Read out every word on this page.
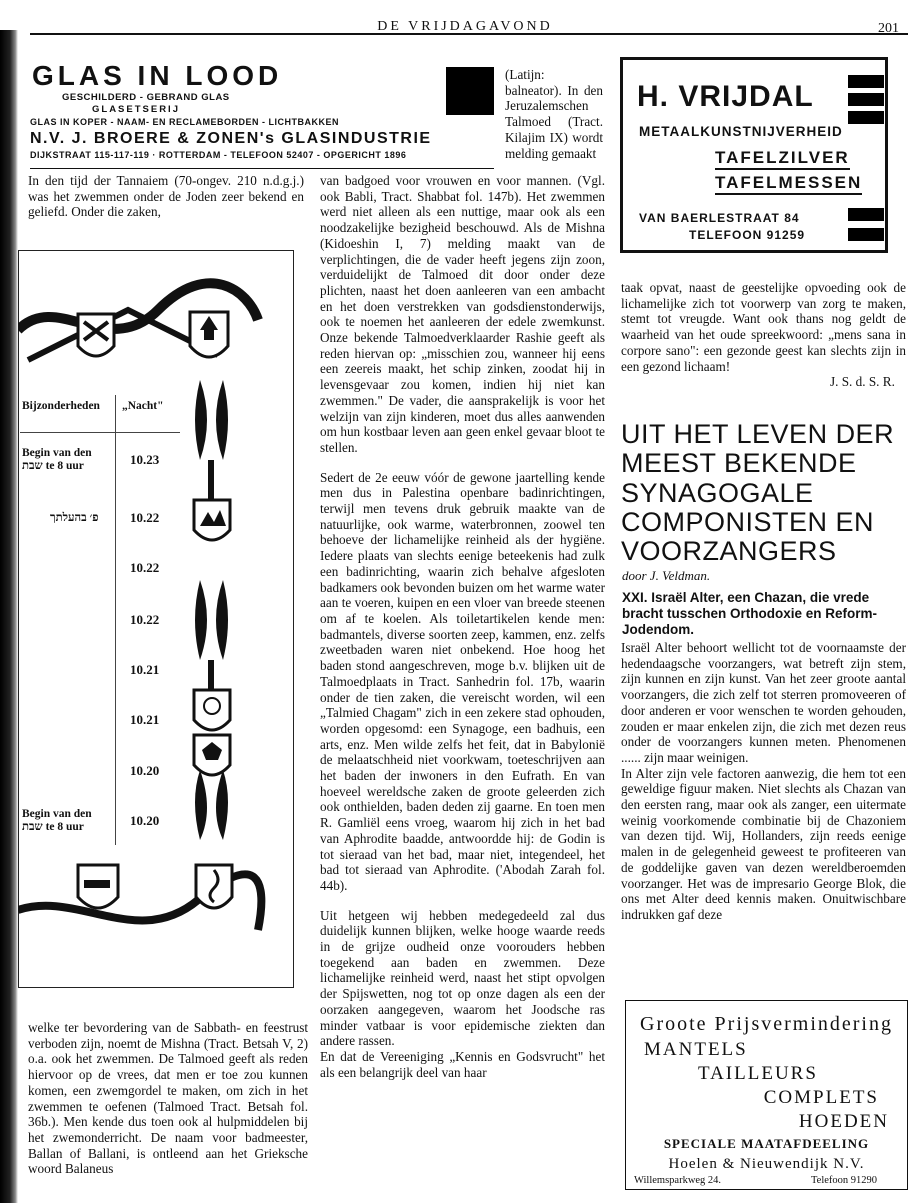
DE VRIJDAGAVOND	201
GLAS IN LOOD
GESCHILDERD - GEBRAND GLAS
GLASETSERIJ
GLAS IN KOPER - NAAM- EN RECLAMEBORDEN - LICHTBAKKEN
N.V. J. BROERE & ZONEN's GLASINDUSTRIE
DIJKSTRAAT 115-117-119 · ROTTERDAM - TELEFOON 52407 - OPGERICHT 1896
(Latijn: balneator). In den Jeruzalemschen Talmoed (Tract. Kilajim IX) wordt melding gemaakt
In den tijd der Tannaiem (70-ongev. 210 n.d.g.j.) was het zwemmen onder de Joden zeer bekend en geliefd. Onder die zaken,
Bijzonderheden „Nacht"
Begin van den שבת te 8 uur	10.23
פ׳ בהעלתך 10.22
10.22
10.22
10.21
10.21
10.20
Begin van den שבת te 8 uur	10.20
welke ter bevordering van de Sabbath- en feestrust verboden zijn, noemt de Mishna (Tract. Betsah V, 2) o.a. ook het zwemmen. De Talmoed geeft als reden hiervoor op de vrees, dat men er toe zou kunnen komen, een zwemgordel te maken, om zich in het zwemmen te oefenen (Talmoed Tract. Betsah fol. 36b.). Men kende dus toen ook al hulpmiddelen bij het zwemonderricht. De naam voor badmeester, Ballan of Ballani, is ontleend aan het Grieksche woord Balaneus

van badgoed voor vrouwen en voor mannen. (Vgl. ook Babli, Tract. Shabbat fol. 147b). Het zwemmen werd niet alleen als een nuttige, maar ook als een noodzakelijke bezigheid beschouwd. Als de Mishna (Kidoeshin I, 7) melding maakt van de verplichtingen, die de vader heeft jegens zijn zoon, verduidelijkt de Talmoed dit door onder deze plichten, naast het doen aanleeren van een ambacht en het doen verstrekken van godsdienstonderwijs, ook te noemen het aanleeren der edele zwemkunst. Onze bekende Talmoedverklaarder Rashie geeft als reden hiervan op: „misschien zou, wanneer hij eens een zeereis maakt, het schip zinken, zoodat hij in levensgevaar zou komen, indien hij niet kan zwemmen." De vader, die aansprakelijk is voor het welzijn van zijn kinderen, moet dus alles aanwenden om hun kostbaar leven aan geen enkel gevaar bloot te stellen.

Sedert de 2e eeuw vóór de gewone jaartelling kende men dus in Palestina openbare badinrichtingen, terwijl men tevens druk gebruik maakte van de natuurlijke, ook warme, waterbronnen, zoowel ten behoeve der lichamelijke reinheid als der hygiëne. Iedere plaats van slechts eenige beteekenis had zulk een badinrichting, waarin zich behalve afgesloten badkamers ook bevonden buizen om het warme water aan te voeren, kuipen en een vloer van breede steenen om af te koelen. Als toiletartikelen kende men: badmantels, diverse soorten zeep, kammen, enz. zelfs zweetbaden waren niet onbekend. Hoe hoog het baden stond aangeschreven, moge b.v. blijken uit de Talmoedplaats in Tract. Sanhedrin fol. 17b, waarin onder de tien zaken, die vereischt worden, wil een „Talmied Chagam" zich in een zekere stad ophouden, worden opgesomd: een Synagoge, een badhuis, een arts, enz. Men wilde zelfs het feit, dat in Babylonië de melaatschheid niet voorkwam, toeteschrijven aan het baden der inwoners in den Eufrath. En van hoeveel wereldsche zaken de groote geleerden zich ook onthielden, baden deden zij gaarne. En toen men R. Gamliël eens vroeg, waarom hij zich in het bad van Aphrodite baadde, antwoordde hij: de Godin is tot sieraad van het bad, maar niet, integendeel, het bad tot sieraad van Aphrodite. ('Abodah Zarah fol. 44b).

Uit hetgeen wij hebben medegedeeld zal dus duidelijk kunnen blijken, welke hooge waarde reeds in de grijze oudheid onze voorouders hebben toegekend aan baden en zwemmen. Deze lichamelijke reinheid werd, naast het stipt opvolgen der Spijswetten, nog tot op onze dagen als een der oorzaken aangegeven, waarom het Joodsche ras minder vatbaar is voor epidemische ziekten dan andere rassen.

En dat de Vereeniging „Kennis en Godsvrucht" het als een belangrijk deel van haar

H. VRIJDAL
METAALKUNSTNIJVERHEID
TAFELZILVER
TAFELMESSEN
VAN BAERLESTRAAT 84
TELEFOON 91259
taak opvat, naast de geestelijke opvoeding ook de lichamelijke zich tot voorwerp van zorg te maken, stemt tot vreugde. Want ook thans nog geldt de waarheid van het oude spreekwoord: „mens sana in corpore sano": een gezonde geest kan slechts zijn in een gezond lichaam!
J. S. d. S. R.
UIT HET LEVEN DER MEEST BEKENDE SYNAGOGALE COMPONISTEN EN VOORZANGERS
door J. Veldman.
XXI. Israël Alter, een Chazan, die vrede bracht tusschen Orthodoxie en Reform-Jodendom.

Israël Alter behoort wellicht tot de voornaamste der hedendaagsche voorzangers, wat betreft zijn stem, zijn kunnen en zijn kunst. Van het zeer groote aantal voorzangers, die zich zelf tot sterren promoveeren of door anderen er voor wenschen te worden gehouden, zouden er maar enkelen zijn, die zich met dezen reus onder de voorzangers kunnen meten. Phenomenen ...... zijn maar weinigen.

In Alter zijn vele factoren aanwezig, die hem tot een geweldige figuur maken. Niet slechts als Chazan van den eersten rang, maar ook als zanger, een uitermate weinig voorkomende combinatie bij de Chazoniem van dezen tijd. Wij, Hollanders, zijn reeds eenige malen in de gelegenheid geweest te profiteeren van de goddelijke gaven van dezen wereldberoemden voorzanger. Het was de impresario George Blok, die ons met Alter deed kennis maken. Onuitwischbare indrukken gaf deze

Groote Prijsvermindering
MANTELS
TAILLEURS
COMPLETS
HOEDEN
SPECIALE MAATAFDEELING
Hoelen & Nieuwendijk N.V.
Willemsparkweg 24.	Telefoon 91290
